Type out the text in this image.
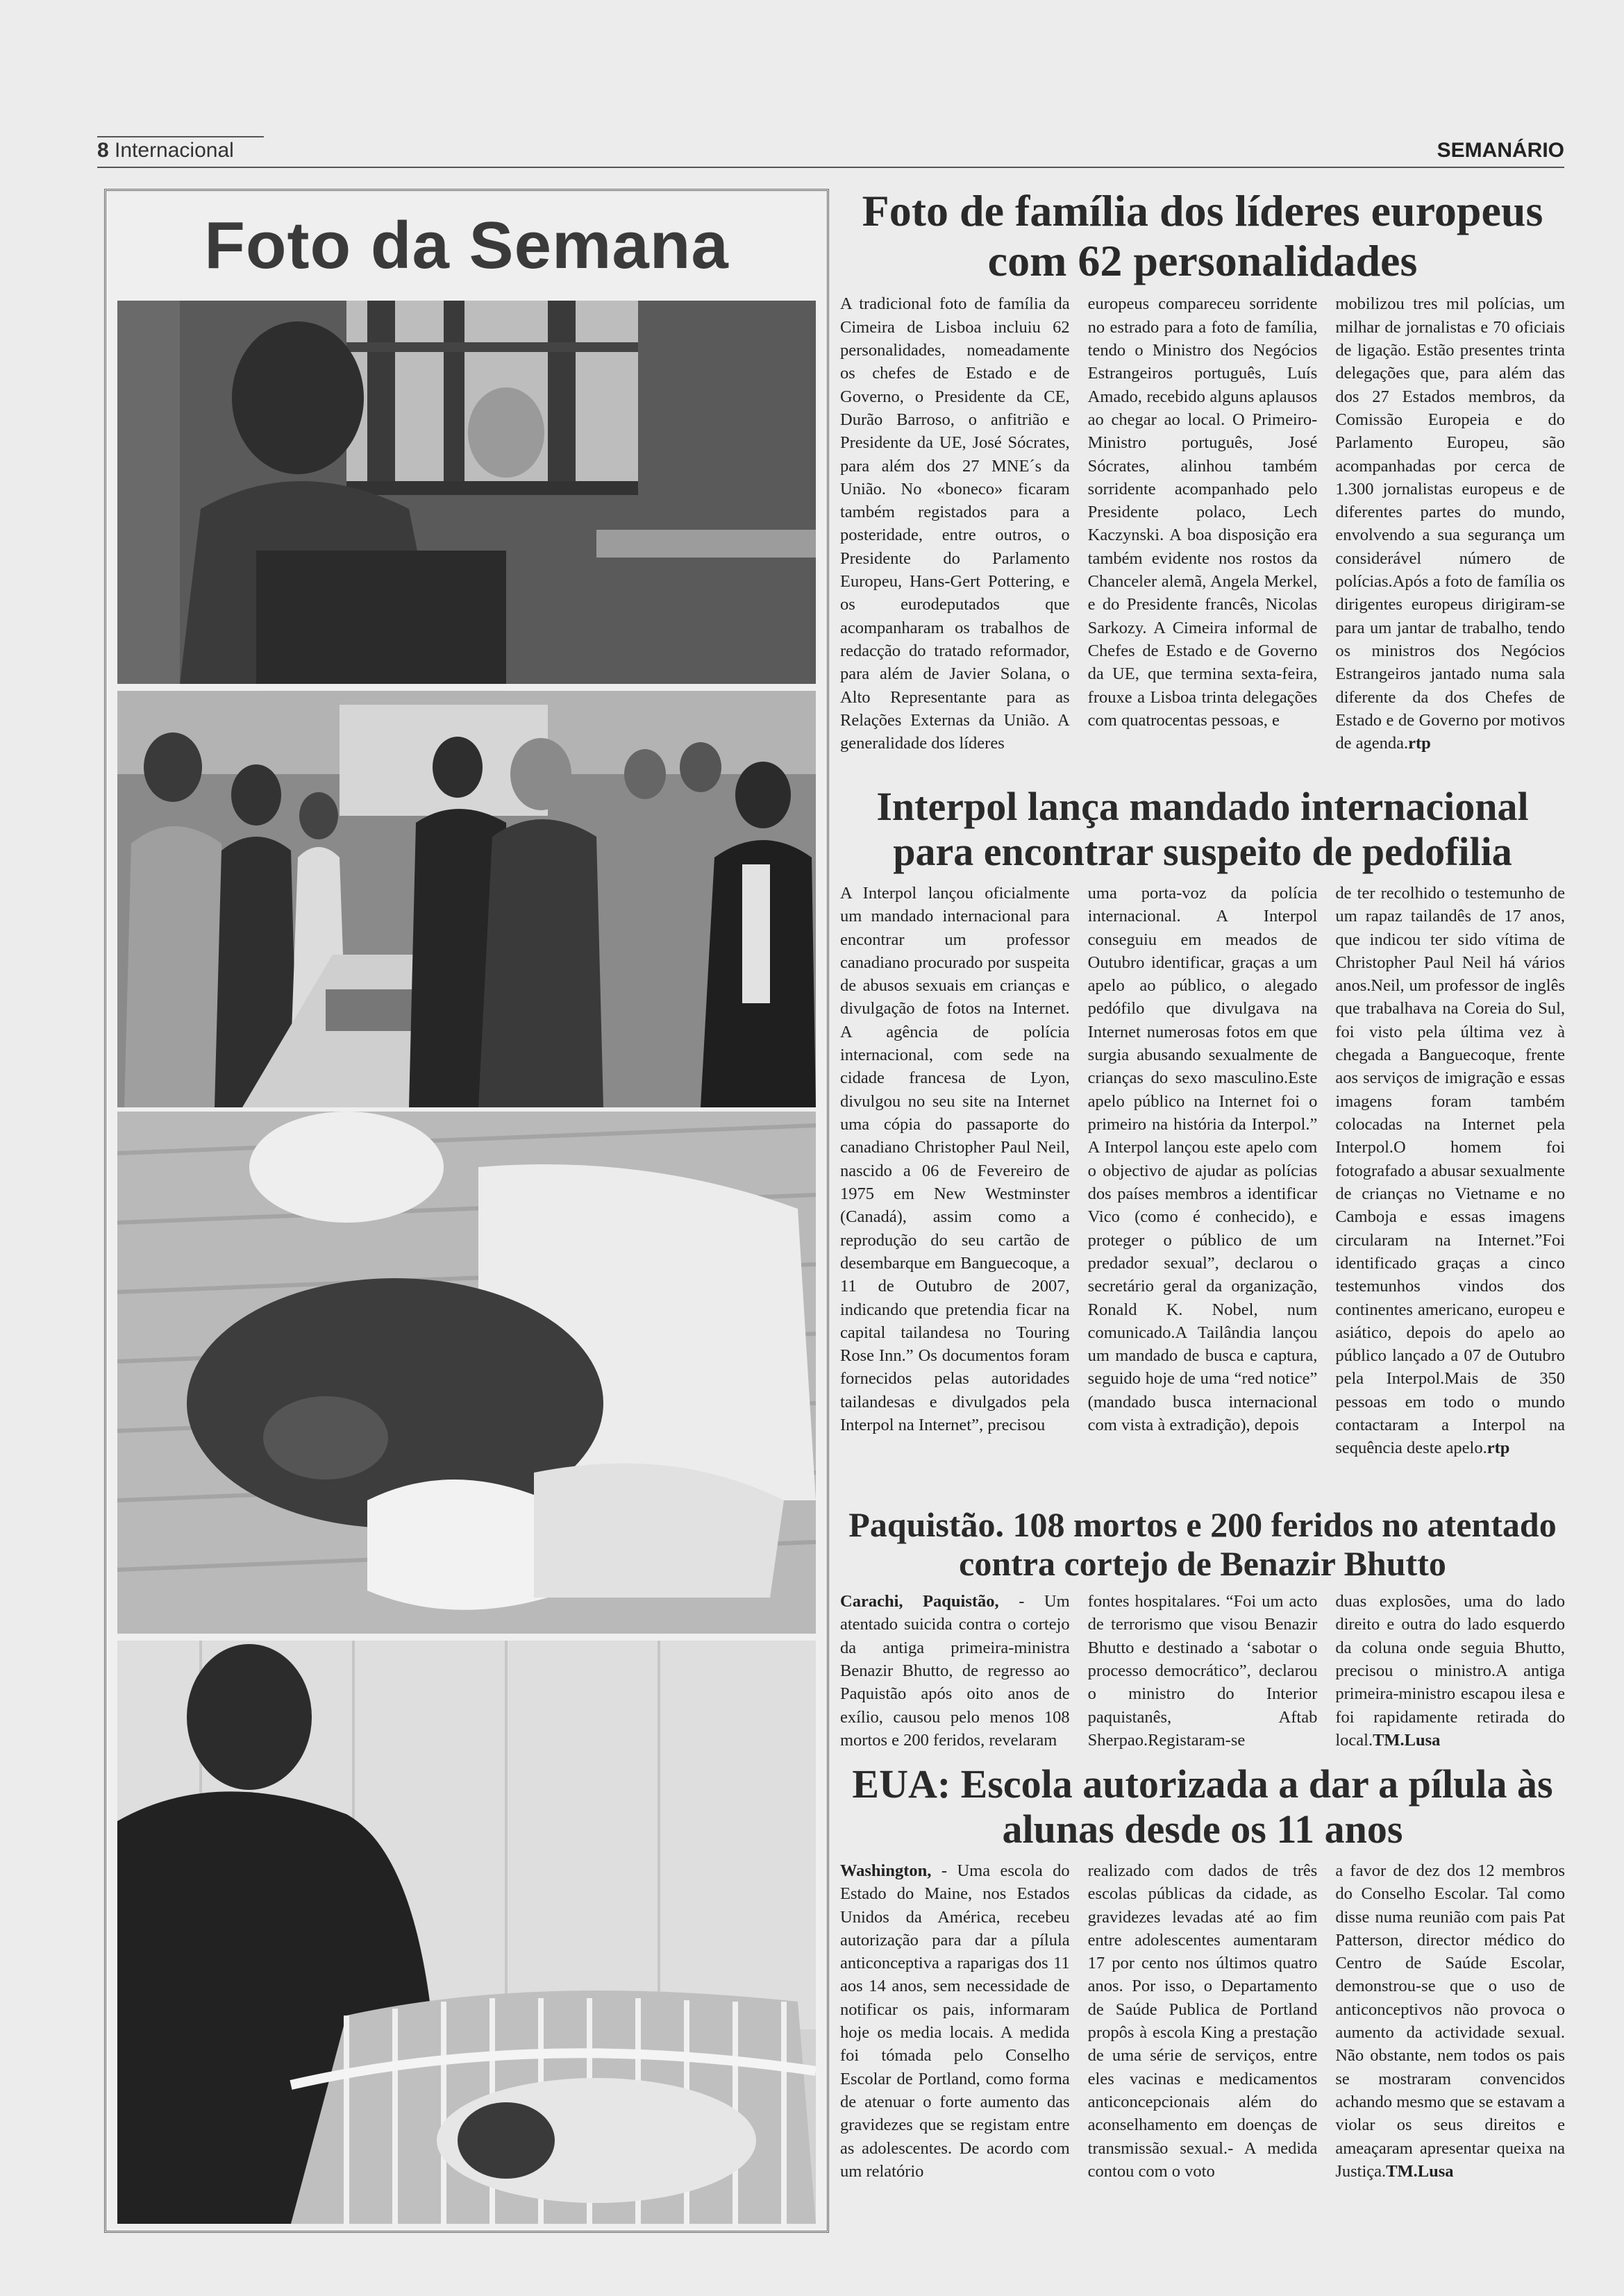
8 Internacional	SEMANÁRIO
Foto da Semana	Foto de família dos líderes europeus com 62 personalidades

A tradicional foto de família da Cimeira de Lisboa incluiu 62 personalidades, nomeadamente os chefes de Estado e de Governo, o Presidente da CE, Durão Barroso, o anfitrião e Presidente da UE, José Sócrates, para além dos 27 MNE´s da União. No «boneco» ficaram também registados para a posteridade, entre outros, o Presidente do Parlamento Europeu, Hans-Gert Pottering, e os eurodeputados que acompanharam os trabalhos de redacção do tratado reformador, para além de Javier Solana, o Alto Representante para as Relações Externas da União. A generalidade dos líderes

europeus compareceu sorridente no estrado para a foto de família, tendo o Ministro dos Negócios Estrangeiros português, Luís Amado, recebido alguns aplausos ao chegar ao local. O Primeiro-Ministro português, José Sócrates, alinhou também sorridente acompanhado pelo Presidente polaco, Lech Kaczynski. A boa disposição era também evidente nos rostos da Chanceler alemã, Angela Merkel, e do Presidente francês, Nicolas Sarkozy. A Cimeira informal de Chefes de Estado e de Governo da UE, que termina sexta-feira, frouxe a Lisboa trinta delegações com quatrocentas pessoas, e

mobilizou tres mil polícias, um milhar de jornalistas e 70 oficiais de ligação. Estão presentes trinta delegações que, para além das dos 27 Estados membros, da Comissão Europeia e do Parlamento Europeu, são acompanhadas por cerca de 1.300 jornalistas europeus e de diferentes partes do mundo, envolvendo a sua segurança um considerável número de polícias.Após a foto de família os dirigentes europeus dirigiram-se para um jantar de trabalho, tendo os ministros dos Negócios Estrangeiros jantado numa sala diferente da dos Chefes de Estado e de Governo por motivos de agenda.rtp

Interpol lança mandado internacional para encontrar suspeito de pedofilia

A Interpol lançou oficialmente um mandado internacional para encontrar um professor canadiano procurado por suspeita de abusos sexuais em crianças e divulgação de fotos na Internet. A agência de polícia internacional, com sede na cidade francesa de Lyon, divulgou no seu site na Internet uma cópia do passaporte do canadiano Christopher Paul Neil, nascido a 06 de Fevereiro de 1975 em New Westminster (Canadá), assim como a reprodução do seu cartão de desembarque em Banguecoque, a 11 de Outubro de 2007, indicando que pretendia ficar na capital tailandesa no Touring Rose Inn.” Os documentos foram fornecidos pelas autoridades tailandesas e divulgados pela Interpol na Internet”, precisou

uma porta-voz da polícia internacional. A Interpol conseguiu em meados de Outubro identificar, graças a um apelo ao público, o alegado pedófilo que divulgava na Internet numerosas fotos em que surgia abusando sexualmente de crianças do sexo masculino.Este apelo público na Internet foi o primeiro na história da Interpol.” A Interpol lançou este apelo com o objectivo de ajudar as polícias dos países membros a identificar Vico (como é conhecido), e proteger o público de um predador sexual”, declarou o secretário geral da organização, Ronald K. Nobel, num comunicado.A Tailândia lançou um mandado de busca e captura, seguido hoje de uma “red notice” (mandado busca internacional com vista à extradição), depois

de ter recolhido o testemunho de um rapaz tailandês de 17 anos, que indicou ter sido vítima de Christopher Paul Neil há vários anos.Neil, um professor de inglês que trabalhava na Coreia do Sul, foi visto pela última vez à chegada a Banguecoque, frente aos serviços de imigração e essas imagens foram também colocadas na Internet pela Interpol.O homem foi fotografado a abusar sexualmente de crianças no Vietname e no Camboja e essas imagens circularam na Internet.”Foi identificado graças a cinco testemunhos vindos dos continentes americano, europeu e asiático, depois do apelo ao público lançado a 07 de Outubro pela Interpol.Mais de 350 pessoas em todo o mundo contactaram a Interpol na sequência deste apelo.rtp

Paquistão. 108 mortos e 200 feridos no atentado contra cortejo de Benazir Bhutto

Carachi, Paquistão, - Um atentado suicida contra o cortejo da antiga primeira-ministra Benazir Bhutto, de regresso ao Paquistão após oito anos de exílio, causou pelo menos 108 mortos e 200 feridos, revelaram

fontes hospitalares. “Foi um acto de terrorismo que visou Benazir Bhutto e destinado a ‘sabotar o processo democrático”, declarou o ministro do Interior paquistanês, Aftab Sherpao.Registaram-se

duas explosões, uma do lado direito e outra do lado esquerdo da coluna onde seguia Bhutto, precisou o ministro.A antiga primeira-ministro escapou ilesa e foi rapidamente retirada do local.TM.Lusa

EUA: Escola autorizada a dar a pílula às alunas desde os 11 anos

Washington, - Uma escola do Estado do Maine, nos Estados Unidos da América, recebeu autorização para dar a pílula anticonceptiva a raparigas dos 11 aos 14 anos, sem necessidade de notificar os pais, informaram hoje os media locais. A medida foi tómada pelo Conselho Escolar de Portland, como forma de atenuar o forte aumento das gravidezes que se registam entre as adolescentes. De acordo com um relatório

realizado com dados de três escolas públicas da cidade, as gravidezes levadas até ao fim entre adolescentes aumentaram 17 por cento nos últimos quatro anos. Por isso, o Departamento de Saúde Publica de Portland propôs à escola King a prestação de uma série de serviços, entre eles vacinas e medicamentos anticoncepcionais além do aconselhamento em doenças de transmissão sexual.- A medida contou com o voto

a favor de dez dos 12 membros do Conselho Escolar. Tal como disse numa reunião com pais Pat Patterson, director médico do Centro de Saúde Escolar, demonstrou-se que o uso de anticonceptivos não provoca o aumento da actividade sexual. Não obstante, nem todos os pais se mostraram convencidos achando mesmo que se estavam a violar os seus direitos e ameaçaram apresentar queixa na Justiça.TM.Lusa
